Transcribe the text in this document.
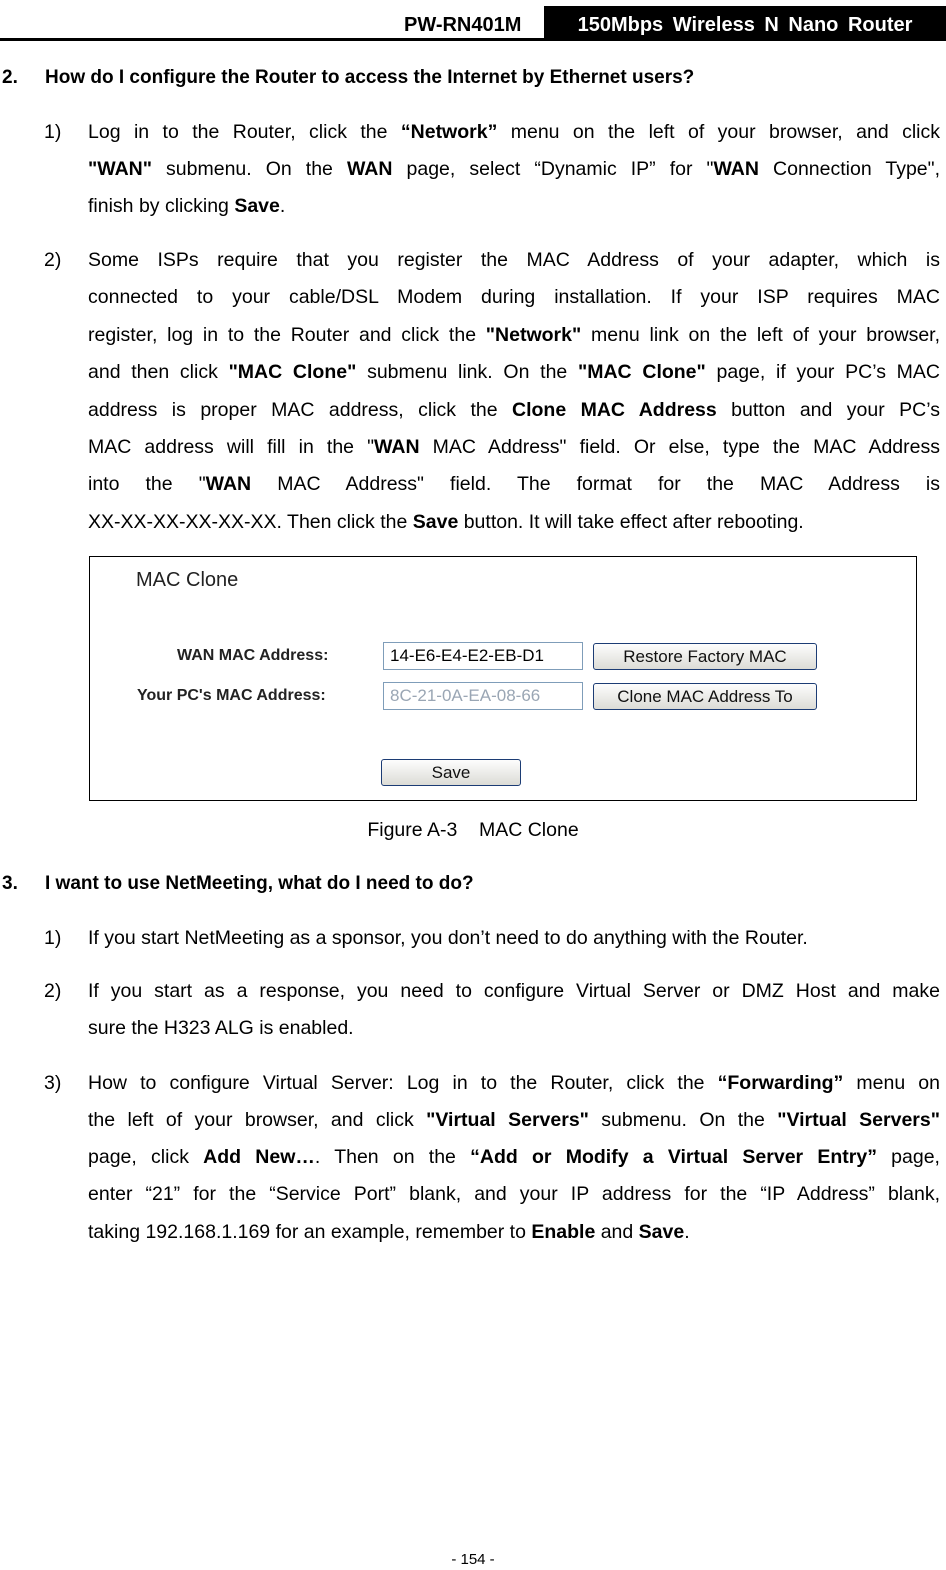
PW-RN401M	150Mbps Wireless N Nano Router
2. How do I configure the Router to access the Internet by Ethernet users?
1) Log in to the Router, click the “Network” menu on the left of your browser, and click
"WAN" submenu. On the WAN page, select “Dynamic IP” for "WAN Connection Type",
finish by clicking Save.
2) Some ISPs require that you register the MAC Address of your adapter, which is
connected to your cable/DSL Modem during installation. If your ISP requires MAC
register, log in to the Router and click the "Network" menu link on the left of your browser,
and then click "MAC Clone" submenu link. On the "MAC Clone" page, if your PC’s MAC
address is proper MAC address, click the Clone MAC Address button and your PC’s
MAC address will fill in the "WAN MAC Address" field. Or else, type the MAC Address
into the "WAN MAC Address" field. The format for the MAC Address is
XX-XX-XX-XX-XX-XX. Then click the Save button. It will take effect after rebooting.
MAC Clone
WAN MAC Address:	14-E6-E4-E2-EB-D1	Restore Factory MAC
Your PC's MAC Address:	8C-21-0A-EA-08-66	Clone MAC Address To
Save
Figure A-3    MAC Clone
3. I want to use NetMeeting, what do I need to do?
1) If you start NetMeeting as a sponsor, you don’t need to do anything with the Router.
2) If you start as a response, you need to configure Virtual Server or DMZ Host and make
sure the H323 ALG is enabled.
3) How to configure Virtual Server: Log in to the Router, click the “Forwarding” menu on
the left of your browser, and click "Virtual Servers" submenu. On the "Virtual Servers"
page, click Add New…. Then on the “Add or Modify a Virtual Server Entry” page,
enter “21” for the “Service Port” blank, and your IP address for the “IP Address” blank,
taking 192.168.1.169 for an example, remember to Enable and Save.
- 154 -
